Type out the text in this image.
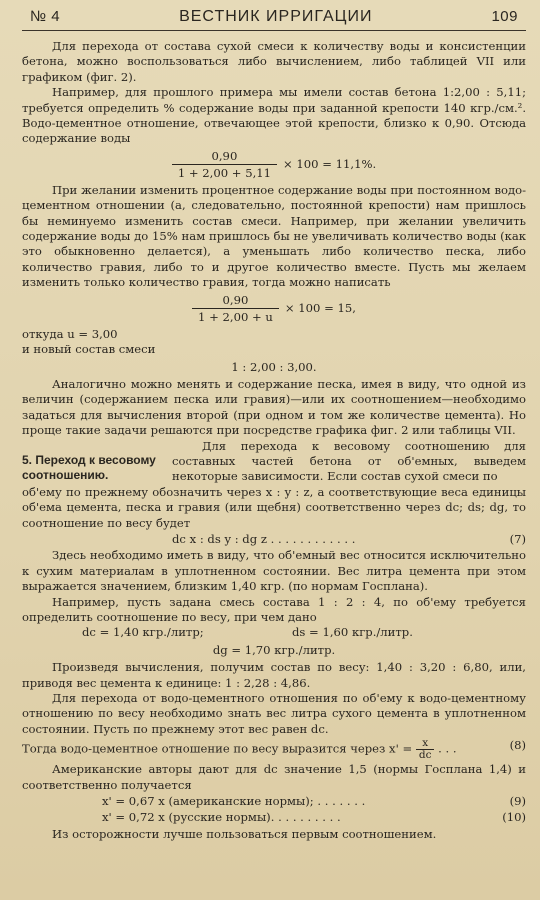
№ 4	ВЕСТНИК ИРРИГАЦИИ	109

Для перехода от состава сухой смеси к количеству воды и консистенции бетона, можно воспользоваться либо вычислением, либо таблицей VII или графиком (фиг. 2).

Например, для прошлого примера мы имели состав бетона 1:2,00 : 5,11; требуется определить % содержание воды при заданной крепости 140 кгр./см.². Водо-цементное отношение, отвечающее этой крепости, близко к 0,90. Отсюда содержание воды

$\frac{0,90}{1 + 2,00 + 5,11} \times 100 = 11,1\%$.

При желании изменить процентное содержание воды при постоянном водо-цементном отношении (а, следовательно, постоянной крепости) нам пришлось бы неминуемо изменить состав смеси. Например, при желании увеличить содержание воды до 15% нам пришлось бы не увеличивать количество воды (как это обыкновенно делается), а уменьшать либо количество песка, либо количество гравия, либо то и другое количество вместе. Пусть мы желаем изменить только количество гравия, тогда можно написать

$\frac{0,90}{1 + 2,00 + u} \times 100 = 15$,

откуда u = 3,00

и новый состав смеси

1 : 2,00 : 3,00.

Аналогично можно менять и содержание песка, имея в виду, что одной из величин (содержанием песка или гравия)—или их соотношением—необходимо задаться для вычисления второй (при одном и том же количестве цемента). Но проще такие задачи решаются при посредстве графика фиг. 2 или таблицы VII.

5. Переход к весовому соотношению.

Для перехода к весовому соотношению для составных частей бетона от об'емных, выведем некоторые зависимости. Если состав сухой смеси по

об'ему по прежнему обозначить через x : y : z, а соответствующие веса единицы об'ема цемента, песка и гравия (или щебня) соответственно через dc; ds; dg, то соотношение по весу будет

dc x : ds y : dg z . . . . . . . . . . . .	(7)

Здесь необходимо иметь в виду, что об'емный вес относится исключительно к сухим материалам в уплотненном состоянии. Вес литра цемента при этом выражается значением, близким 1,40 кгр. (по нормам Госплана).

Например, пусть задана смесь состава 1 : 2 : 4, по об'ему требуется определить соотношение по весу, при чем дано

dc = 1,40 кгр./литр;	ds = 1,60 кгр./литр.

dg = 1,70 кгр./литр.

Произведя вычисления, получим состав по весу: 1,40 : 3,20 : 6,80, или, приводя вес цемента к единице: 1 : 2,28 : 4,86.

Для перехода от водо-цементного отношения по об'ему к водо-цементному отношению по весу необходимо знать вес литра сухого цемента в уплотненном состоянии. Пусть по прежнему этот вес равен dc.

Тогда водо-цементное отношение по весу выразится через $x' = \frac{x}{dc}$ . . .	(8)

Американские авторы дают для dc значение 1,5 (нормы Госплана 1,4) и соответственно получается

x' = 0,67 x (американские нормы); . . . . . . .	(9)
x' = 0,72 x (русские нормы). . . . . . . . . .	(10)

Из осторожности лучше пользоваться первым соотношением.
